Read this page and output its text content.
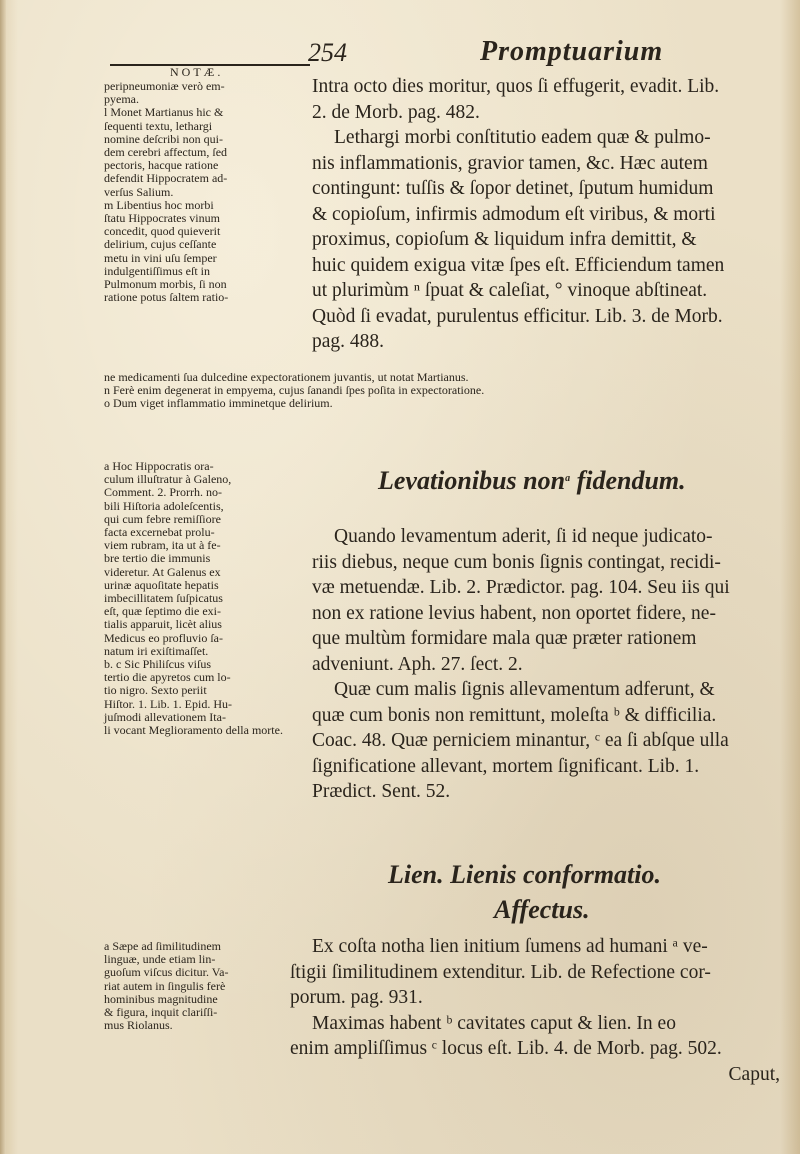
NOTÆ.
254	Promptuarium
peripneumoniæ verò em-
pyema.
l Monet Martianus hic &
ſequenti textu, lethargi
nomine deſcribi non qui-
dem cerebri affectum, ſed
pectoris, hacque ratione
defendit Hippocratem ad-
verſus Salium.
m Libentius hoc morbi
ſtatu Hippocrates vinum
concedit, quod quieverit
delirium, cujus ceſſante
metu in vini uſu ſemper
indulgentiſſimus eſt in
Pulmonum morbis, ſi non
ratione potus ſaltem ratio-
Intra octo dies moritur, quos ſi effugerit, evadit. Lib.
2. de Morb. pag. 482.
Lethargi morbi conſtitutio eadem quæ & pulmo-
nis inflammationis, gravior tamen, &c. Hæc autem
contingunt: tuſſis & ſopor detinet, ſputum humidum
& copioſum, infirmis admodum eſt viribus, & morti
proximus, copioſum & liquidum infra demittit, &
huic quidem exigua vitæ ſpes eſt. Efficiendum tamen
ut plurimùm ⁿ ſpuat & caleſiat, ° vinoque abſtineat.
Quòd ſi evadat, purulentus efficitur. Lib. 3. de Morb.
pag. 488.
ne medicamenti ſua dulcedine expectorationem juvantis, ut notat Martianus.
n Ferè enim degenerat in empyema, cujus ſanandi ſpes poſita in expectoratione.
o Dum viget inflammatio imminetque delirium.
Levationibus non$^a$ fidendum.
a Hoc Hippocratis ora-
culum illuſtratur à Galeno,
Comment. 2. Prorrh. no-
bili Hiſtoria adoleſcentis,
qui cum febre remiſſiore
facta excernebat prolu-
viem rubram, ita ut à fe-
bre tertio die immunis
videretur. At Galenus ex
urinæ aquoſitate hepatis
imbecillitatem ſuſpicatus
eſt, quæ ſeptimo die exi-
tialis apparuit, licèt alius
Medicus eo profluvio ſa-
natum iri exiſtimaſſet.
b. c Sic Philiſcus viſus
tertio die apyretos cum lo-
tio nigro. Sexto periit
Hiſtor. 1. Lib. 1. Epid. Hu-
juſmodi allevationem Ita-
li vocant Meglioramento della morte.
Quando levamentum aderit, ſi id neque judicato-
riis diebus, neque cum bonis ſignis contingat, recidi-
væ metuendæ. Lib. 2. Prædictor. pag. 104. Seu iis qui
non ex ratione levius habent, non oportet fidere, ne-
que multùm formidare mala quæ præter rationem
adveniunt. Aph. 27. ſect. 2.
Quæ cum malis ſignis allevamentum adferunt, &
quæ cum bonis non remittunt, moleſta ᵇ & difficilia.
Coac. 48. Quæ perniciem minantur, ᶜ ea ſi abſque ulla
ſignificatione allevant, mortem ſignificant. Lib. 1.
Prædict. Sent. 52.
Lien. Lienis conformatio.
Affectus.
a Sæpe ad ſimilitudinem
linguæ, unde etiam lin-
guoſum viſcus dicitur. Va-
riat autem in ſingulis ferè
hominibus magnitudine
& figura, inquit clariſſi-
mus Riolanus.
Ex coſta notha lien initium ſumens ad humani ᵃ ve-
ſtigii ſimilitudinem extenditur. Lib. de Refectione cor-
porum. pag. 931.
Maximas habent ᵇ cavitates caput & lien. In eo
enim ampliſſimus ᶜ locus eſt. Lib. 4. de Morb. pag. 502.
Caput,
